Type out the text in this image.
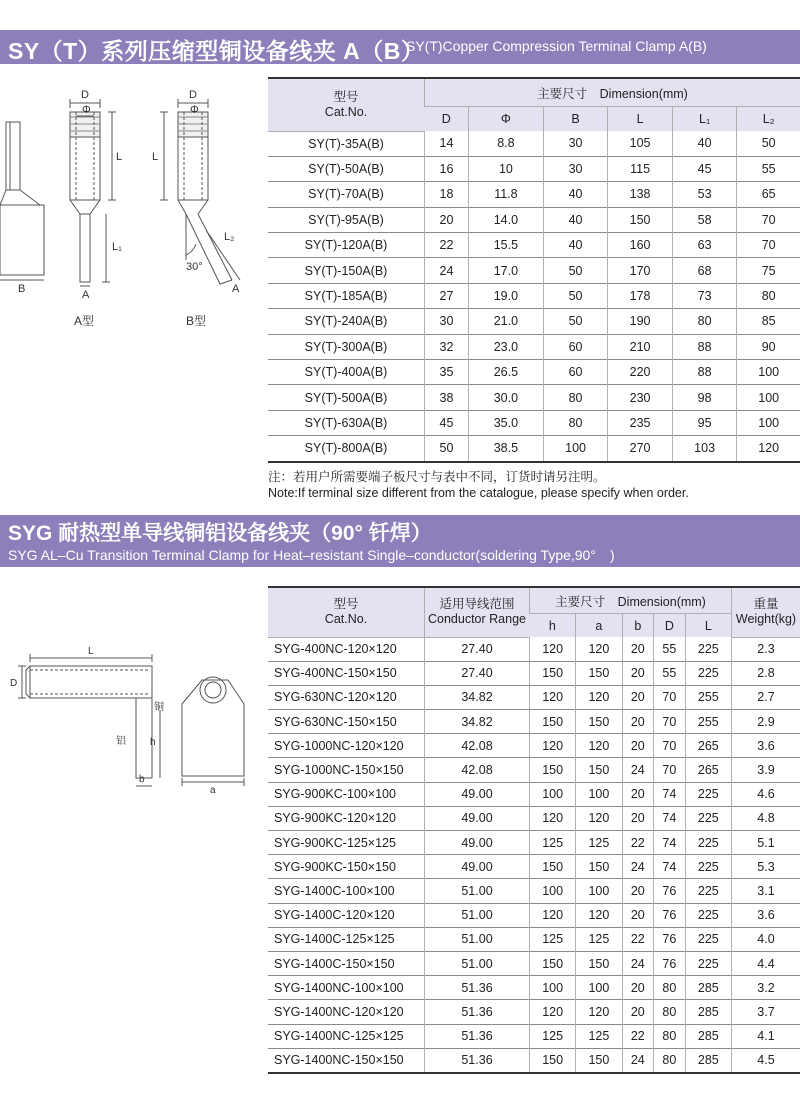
SY（T）系列压缩型铜设备线夹 A（B）
SY(T)Copper Compression Terminal Clamp A(B)
D
Φ
L
L₁
A
B
D
Φ
L
L₂
30°
A
A型	B型
型号
Cat.No.	主要尺寸　Dimension(mm)					
	D	Φ	B	L	L₁	L₂
SY(T)-35A(B)	14	8.8	30	105	40	50
SY(T)-50A(B)	16	10	30	115	45	55
SY(T)-70A(B)	18	11.8	40	138	53	65
SY(T)-95A(B)	20	14.0	40	150	58	70
SY(T)-120A(B)	22	15.5	40	160	63	70
SY(T)-150A(B)	24	17.0	50	170	68	75
SY(T)-185A(B)	27	19.0	50	178	73	80
SY(T)-240A(B)	30	21.0	50	190	80	85
SY(T)-300A(B)	32	23.0	60	210	88	90
SY(T)-400A(B)	35	26.5	60	220	88	100
SY(T)-500A(B)	38	30.0	80	230	98	100
SY(T)-630A(B)	45	35.0	80	235	95	100
SY(T)-800A(B)	50	38.5	100	270	103	120
注：若用户所需要端子板尺寸与表中不同，订货时请另注明。
Note:If terminal size different from the catalogue, please specify when order.
SYG 耐热型单导线铜铝设备线夹（90° 钎焊）
SYG AL–Cu Transition Terminal Clamp for Heat–resistant Single–conductor(soldering Type,90°　)
L
D
铜
铝 h
b
a
型号
Cat.No.	适用导线范围
Conductor Range	主要尺寸　Dimension(mm)					重量
Weight(kg)

		h	a	b	D	L	
SYG-400NC-120×120	27.40	120	120	20	55	225	2.3
SYG-400NC-150×150	27.40	150	150	20	55	225	2.8
SYG-630NC-120×120	34.82	120	120	20	70	255	2.7
SYG-630NC-150×150	34.82	150	150	20	70	255	2.9
SYG-1000NC-120×120	42.08	120	120	20	70	265	3.6
SYG-1000NC-150×150	42.08	150	150	24	70	265	3.9
SYG-900KC-100×100	49.00	100	100	20	74	225	4.6
SYG-900KC-120×120	49.00	120	120	20	74	225	4.8
SYG-900KC-125×125	49.00	125	125	22	74	225	5.1
SYG-900KC-150×150	49.00	150	150	24	74	225	5.3
SYG-1400C-100×100	51.00	100	100	20	76	225	3.1
SYG-1400C-120×120	51.00	120	120	20	76	225	3.6
SYG-1400C-125×125	51.00	125	125	22	76	225	4.0
SYG-1400C-150×150	51.00	150	150	24	76	225	4.4
SYG-1400NC-100×100	51.36	100	100	20	80	285	3.2
SYG-1400NC-120×120	51.36	120	120	20	80	285	3.7
SYG-1400NC-125×125	51.36	125	125	22	80	285	4.1
SYG-1400NC-150×150	51.36	150	150	24	80	285	4.5
